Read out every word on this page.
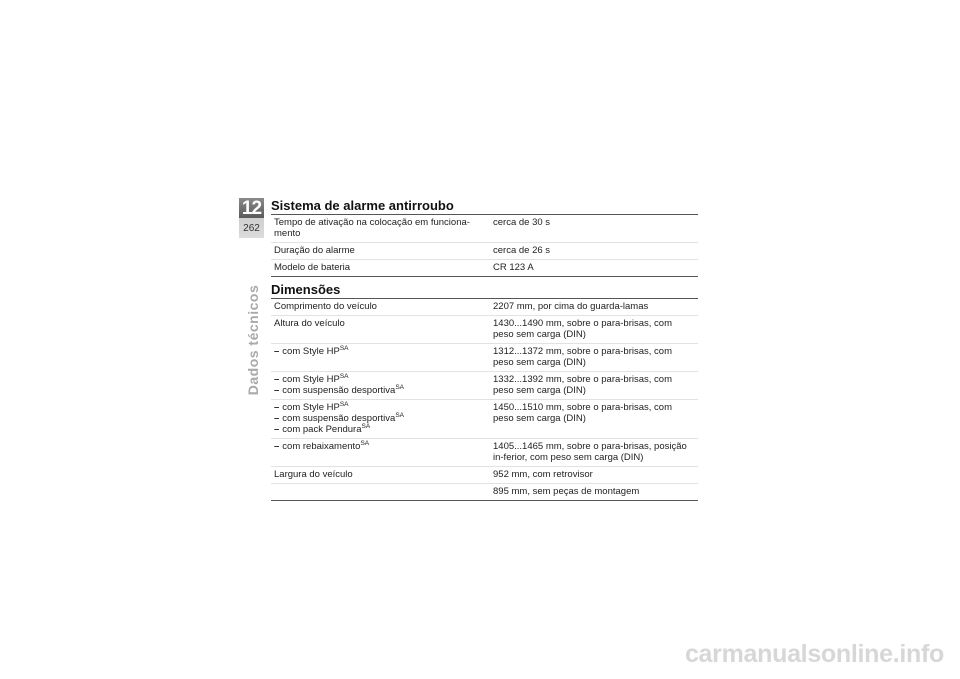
12
262
Dados técnicos
Sistema de alarme antirroubo
Tempo de ativação na colocação em funciona-mento	cerca de 30 s
Duração do alarme	cerca de 26 s
Modelo de bateria	CR 123 A
Dimensões
Comprimento do veículo	2207 mm, por cima do guarda-lamas
Altura do veículo	1430...1490 mm, sobre o para-brisas, com peso sem carga (DIN)

– com Style $HP^{SA}$	1312...1372 mm, sobre o para-brisas, com peso sem carga (DIN)

– com Style $HP^{SA}$
– com suspensão desportiva$^{SA}$	1332...1392 mm, sobre o para-brisas, com peso sem carga (DIN)

– com Style $HP^{SA}$
– com suspensão desportiva$^{SA}$
– com pack Pendura$^{SA}$	1450...1510 mm, sobre o para-brisas, com peso sem carga (DIN)

– com rebaixamento$^{SA}$	1405...1465 mm, sobre o para-brisas, posição in-ferior, com peso sem carga (DIN)
Largura do veículo	952 mm, com retrovisor
	895 mm, sem peças de montagem
carmanualsonline.info
